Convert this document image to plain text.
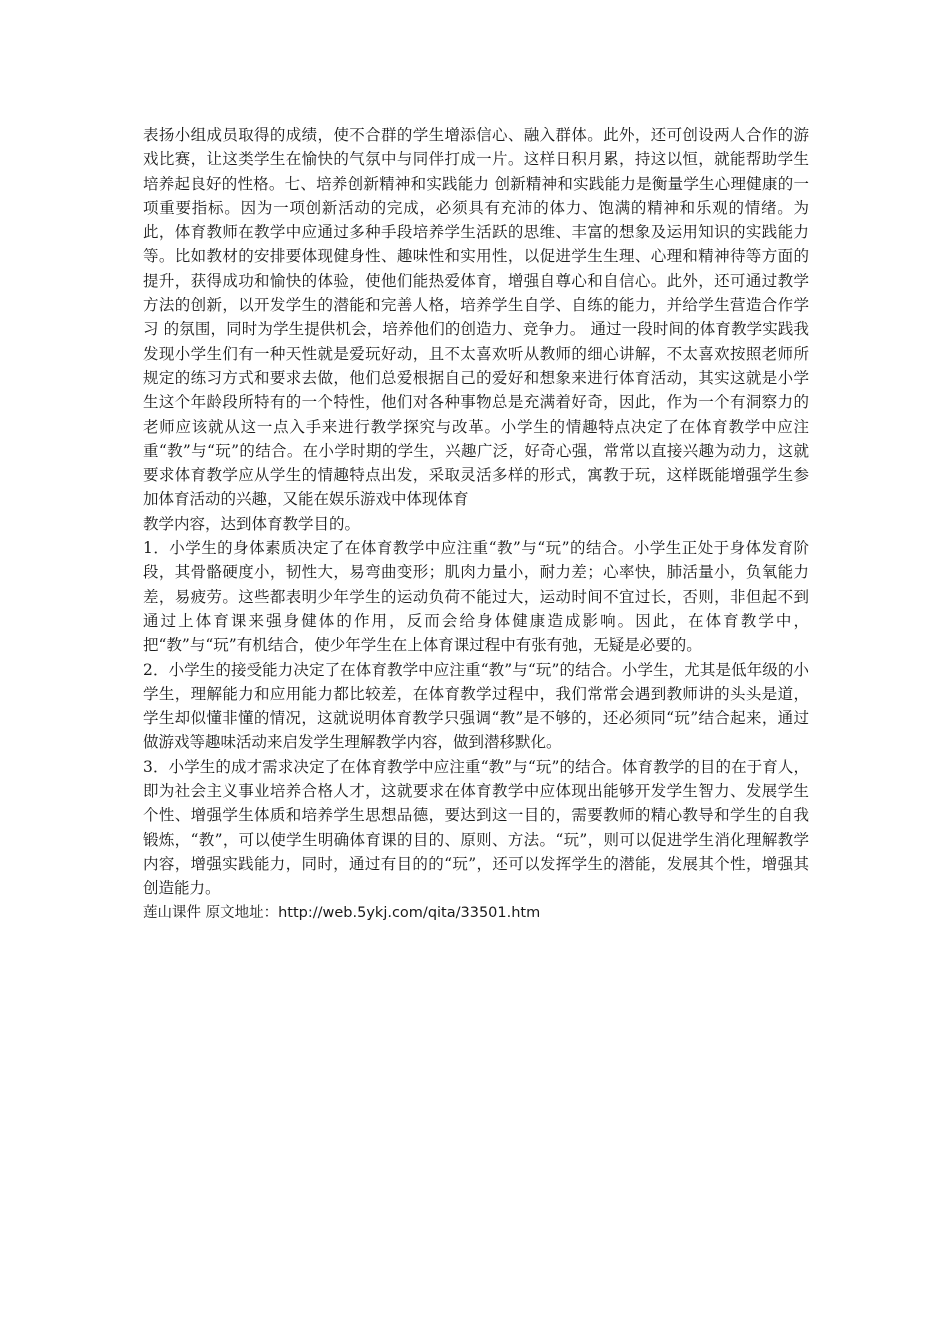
表扬小组成员取得的成绩，使不合群的学生增添信心、融入群体。此外，还可创设两人合作的游戏比赛，让这类学生在愉快的气氛中与同伴打成一片。这样日积月累，持这以恒，就能帮助学生培养起良好的性格。七、培养创新精神和实践能力 创新精神和实践能力是衡量学生心理健康的一项重要指标。因为一项创新活动的完成，必须具有充沛的体力、饱满的精神和乐观的情绪。为此，体育教师在教学中应通过多种手段培养学生活跃的思维、丰富的想象及运用知识的实践能力等。比如教材的安排要体现健身性、趣味性和实用性，以促进学生生理、心理和精神待等方面的提升，获得成功和愉快的体验，使他们能热爱体育，增强自尊心和自信心。此外，还可通过教学方法的创新，以开发学生的潜能和完善人格，培养学生自学、自练的能力，并给学生营造合作学习 的氛围，同时为学生提供机会，培养他们的创造力、竞争力。 通过一段时间的体育教学实践我发现小学生们有一种天性就是爱玩好动，且不太喜欢听从教师的细心讲解，不太喜欢按照老师所规定的练习方式和要求去做，他们总爱根据自己的爱好和想象来进行体育活动，其实这就是小学生这个年龄段所特有的一个特性，他们对各种事物总是充满着好奇，因此，作为一个有洞察力的老师应该就从这一点入手来进行教学探究与改革。小学生的情趣特点决定了在体育教学中应注重“教”与“玩”的结合。在小学时期的学生，兴趣广泛，好奇心强，常常以直接兴趣为动力，这就要求体育教学应从学生的情趣特点出发，采取灵活多样的形式，寓教于玩，这样既能增强学生参加体育活动的兴趣，又能在娱乐游戏中体现体育

教学内容，达到体育教学目的。

1．小学生的身体素质决定了在体育教学中应注重“教”与“玩”的结合。小学生正处于身体发育阶段，其骨骼硬度小，韧性大，易弯曲变形；肌肉力量小，耐力差；心率快，肺活量小，负氧能力差，易疲劳。这些都表明少年学生的运动负荷不能过大，运动时间不宜过长，否则，非但起不到通过上体育课来强身健体的作用，反而会给身体健康造成影响。因此，在体育教学中，把“教”与“玩”有机结合，使少年学生在上体育课过程中有张有弛，无疑是必要的。

2．小学生的接受能力决定了在体育教学中应注重“教”与“玩”的结合。小学生，尤其是低年级的小学生，理解能力和应用能力都比较差，在体育教学过程中，我们常常会遇到教师讲的头头是道，学生却似懂非懂的情况，这就说明体育教学只强调“教”是不够的，还必须同“玩”结合起来，通过做游戏等趣味活动来启发学生理解教学内容，做到潜移默化。

3．小学生的成才需求决定了在体育教学中应注重“教”与“玩”的结合。体育教学的目的在于育人，即为社会主义事业培养合格人才，这就要求在体育教学中应体现出能够开发学生智力、发展学生个性、增强学生体质和培养学生思想品德，要达到这一目的，需要教师的精心教导和学生的自我锻炼，“教”，可以使学生明确体育课的目的、原则、方法。“玩”，则可以促进学生消化理解教学内容，增强实践能力，同时，通过有目的的“玩”，还可以发挥学生的潜能，发展其个性，增强其创造能力。

莲山课件 原文地址：http://web.5ykj.com/qita/33501.htm
